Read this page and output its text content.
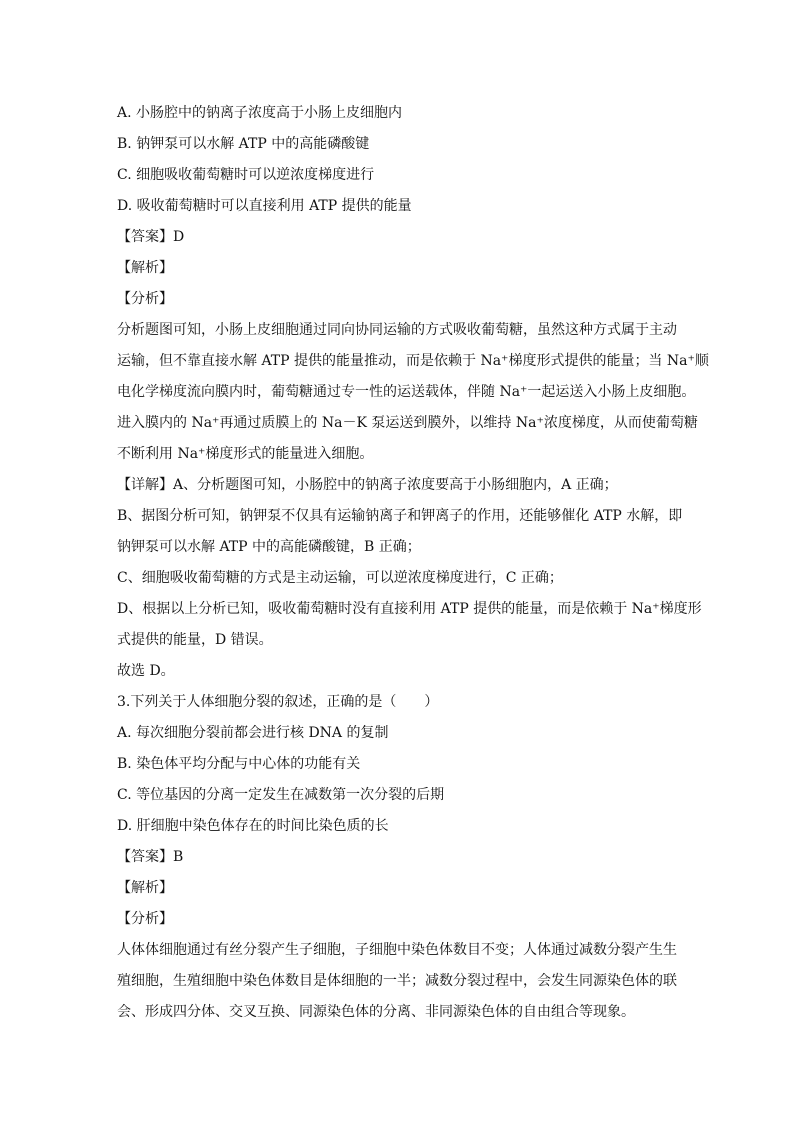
A. 小肠腔中的钠离子浓度高于小肠上皮细胞内
B. 钠钾泵可以水解 ATP 中的高能磷酸键
C. 细胞吸收葡萄糖时可以逆浓度梯度进行
D. 吸收葡萄糖时可以直接利用 ATP 提供的能量
【答案】D
【解析】
【分析】
分析题图可知，小肠上皮细胞通过同向协同运输的方式吸收葡萄糖，虽然这种方式属于主动
运输，但不靠直接水解 ATP 提供的能量推动，而是依赖于 Na⁺梯度形式提供的能量；当 Na⁺顺
电化学梯度流向膜内时，葡萄糖通过专一性的运送载体，伴随 Na⁺一起运送入小肠上皮细胞。
进入膜内的 Na⁺再通过质膜上的 Na－K 泵运送到膜外，以维持 Na⁺浓度梯度，从而使葡萄糖
不断利用 Na⁺梯度形式的能量进入细胞。
【详解】A、分析题图可知，小肠腔中的钠离子浓度要高于小肠细胞内，A 正确；
B、据图分析可知，钠钾泵不仅具有运输钠离子和钾离子的作用，还能够催化 ATP 水解，即
钠钾泵可以水解 ATP 中的高能磷酸键，B 正确；
C、细胞吸收葡萄糖的方式是主动运输，可以逆浓度梯度进行，C 正确；
D、根据以上分析已知，吸收葡萄糖时没有直接利用 ATP 提供的能量，而是依赖于 Na⁺梯度形
式提供的能量，D 错误。
故选 D。
3.下列关于人体细胞分裂的叙述，正确的是（　　）
A. 每次细胞分裂前都会进行核 DNA 的复制
B. 染色体平均分配与中心体的功能有关
C. 等位基因的分离一定发生在减数第一次分裂的后期
D. 肝细胞中染色体存在的时间比染色质的长
【答案】B
【解析】
【分析】
人体体细胞通过有丝分裂产生子细胞，子细胞中染色体数目不变；人体通过减数分裂产生生
殖细胞，生殖细胞中染色体数目是体细胞的一半；减数分裂过程中，会发生同源染色体的联
会、形成四分体、交叉互换、同源染色体的分离、非同源染色体的自由组合等现象。
